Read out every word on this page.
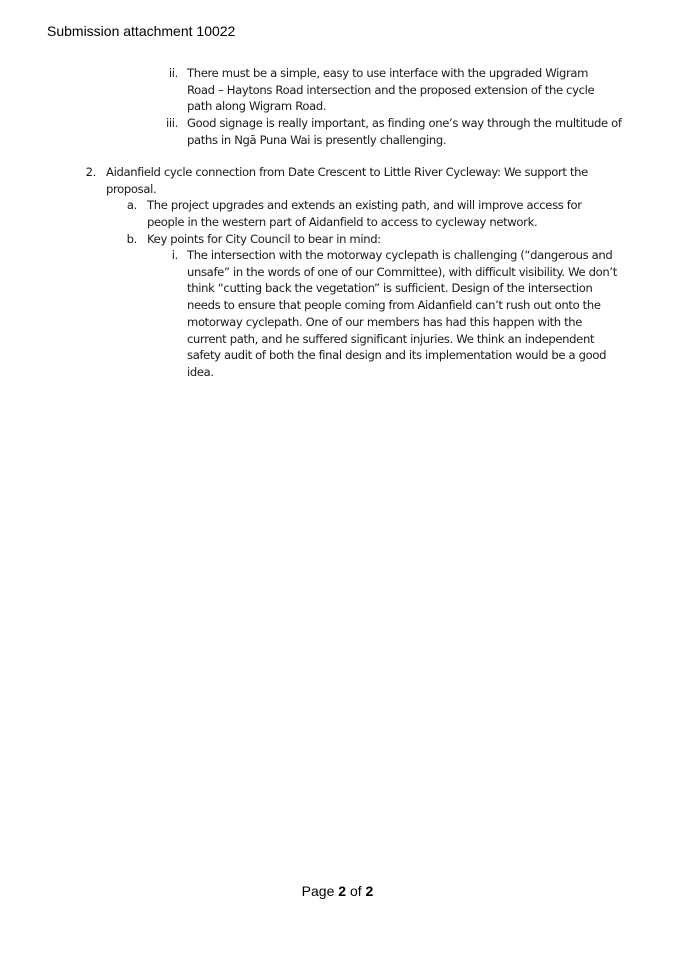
Submission attachment 10022
ii. There must be a simple, easy to use interface with the upgraded Wigram Road – Haytons Road intersection and the proposed extension of the cycle path along Wigram Road.
iii. Good signage is really important, as finding one’s way through the multitude of paths in Ngā Puna Wai is presently challenging.
2. Aidanfield cycle connection from Date Crescent to Little River Cycleway: We support the proposal.
a. The project upgrades and extends an existing path, and will improve access for people in the western part of Aidanfield to access to cycleway network.
b. Key points for City Council to bear in mind:
i. The intersection with the motorway cyclepath is challenging (“dangerous and unsafe” in the words of one of our Committee), with difficult visibility. We don’t think “cutting back the vegetation” is sufficient. Design of the intersection needs to ensure that people coming from Aidanfield can’t rush out onto the motorway cyclepath. One of our members has had this happen with the current path, and he suffered significant injuries. We think an independent safety audit of both the final design and its implementation would be a good idea.
Page 2 of 2
